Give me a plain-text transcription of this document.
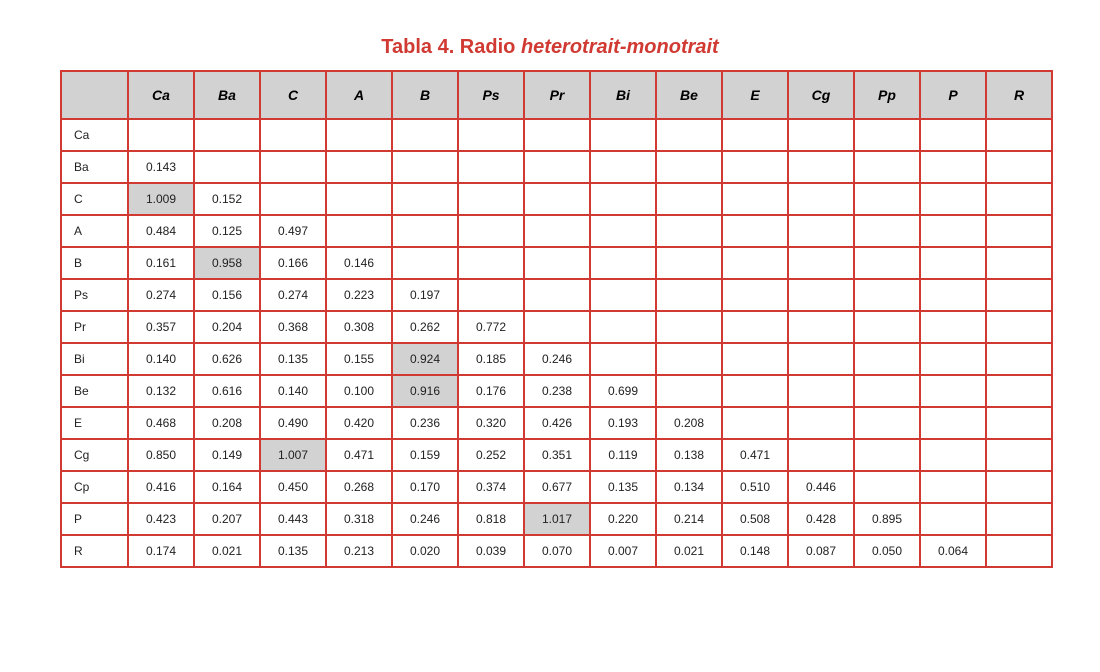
Tabla 4. Radio heterotrait-monotrait
	Ca	Ba	C	A	B	Ps	Pr	Bi	Be	E	Cg	Pp	P	R
Ca														
Ba	0.143													
C	1.009	0.152												
A	0.484	0.125	0.497											
B	0.161	0.958	0.166	0.146										
Ps	0.274	0.156	0.274	0.223	0.197									
Pr	0.357	0.204	0.368	0.308	0.262	0.772								
Bi	0.140	0.626	0.135	0.155	0.924	0.185	0.246							
Be	0.132	0.616	0.140	0.100	0.916	0.176	0.238	0.699						
E	0.468	0.208	0.490	0.420	0.236	0.320	0.426	0.193	0.208					
Cg	0.850	0.149	1.007	0.471	0.159	0.252	0.351	0.119	0.138	0.471				
Cp	0.416	0.164	0.450	0.268	0.170	0.374	0.677	0.135	0.134	0.510	0.446			
P	0.423	0.207	0.443	0.318	0.246	0.818	1.017	0.220	0.214	0.508	0.428	0.895		
R	0.174	0.021	0.135	0.213	0.020	0.039	0.070	0.007	0.021	0.148	0.087	0.050	0.064	
